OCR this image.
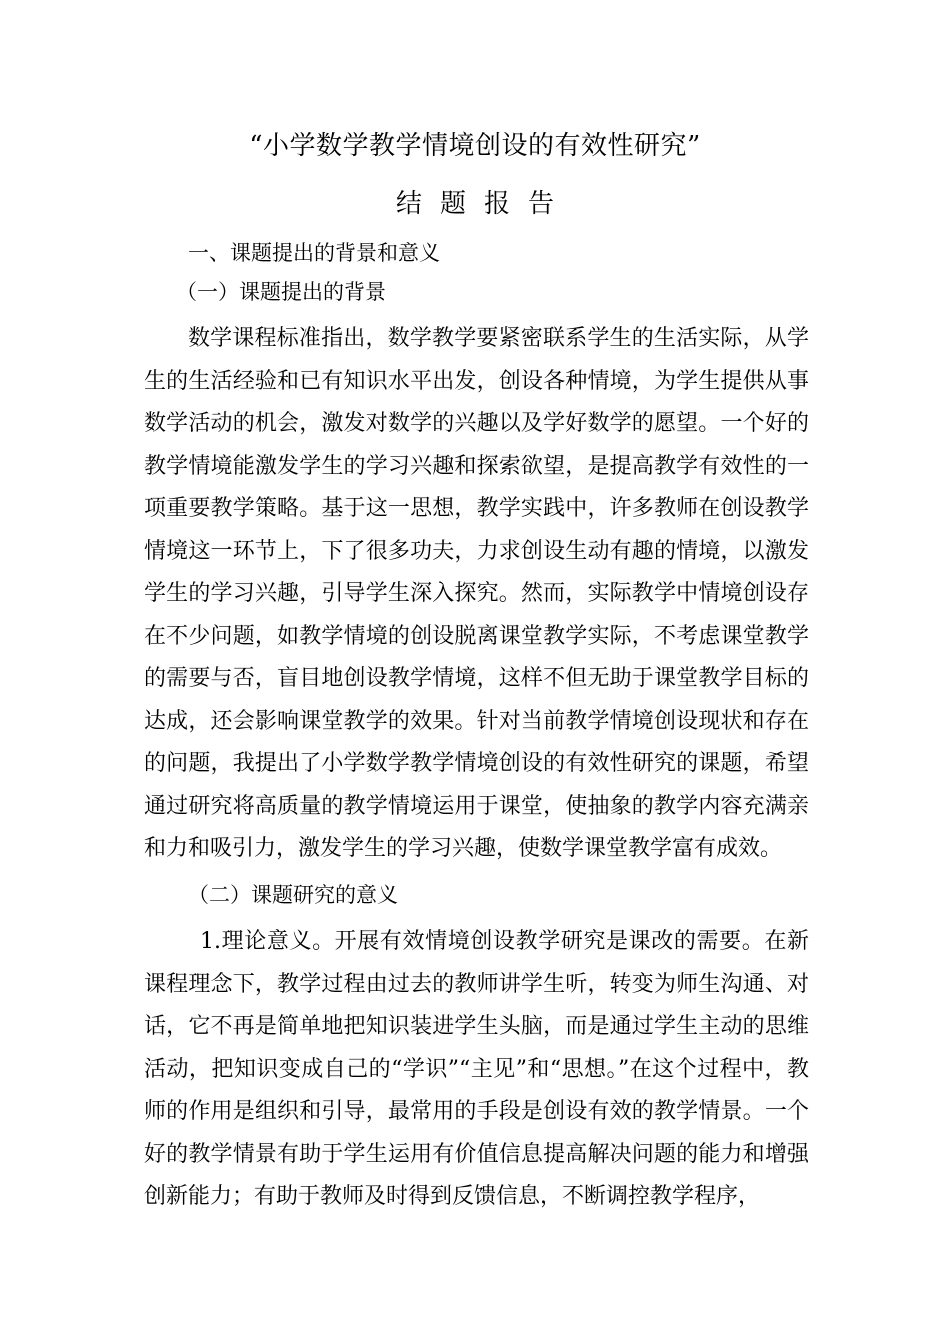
“小学数学教学情境创设的有效性研究”
结题报告
一、课题提出的背景和意义
（一）课题提出的背景

数学课程标准指出，数学教学要紧密联系学生的生活实际，从学生的生活经验和已有知识水平出发，创设各种情境，为学生提供从事数学活动的机会，激发对数学的兴趣以及学好数学的愿望。一个好的教学情境能激发学生的学习兴趣和探索欲望，是提高教学有效性的一项重要教学策略。基于这一思想，教学实践中，许多教师在创设教学情境这一环节上，下了很多功夫，力求创设生动有趣的情境，以激发学生的学习兴趣，引导学生深入探究。然而，实际教学中情境创设存在不少问题，如教学情境的创设脱离课堂教学实际，不考虑课堂教学的需要与否，盲目地创设教学情境，这样不但无助于课堂教学目标的达成，还会影响课堂教学的效果。针对当前教学情境创设现状和存在的问题，我提出了小学数学教学情境创设的有效性研究的课题，希望通过研究将高质量的教学情境运用于课堂，使抽象的教学内容充满亲和力和吸引力，激发学生的学习兴趣，使数学课堂教学富有成效。

（二）课题研究的意义

1.理论意义。开展有效情境创设教学研究是课改的需要。在新课程理念下，教学过程由过去的教师讲学生听，转变为师生沟通、对话，它不再是简单地把知识装进学生头脑，而是通过学生主动的思维活动，把知识变成自己的“学识”“主见”和“思想。”在这个过程中，教师的作用是组织和引导，最常用的手段是创设有效的教学情景。一个好的教学情景有助于学生运用有价值信息提高解决问题的能力和增强创新能力；有助于教师及时得到反馈信息，不断调控教学程序，
